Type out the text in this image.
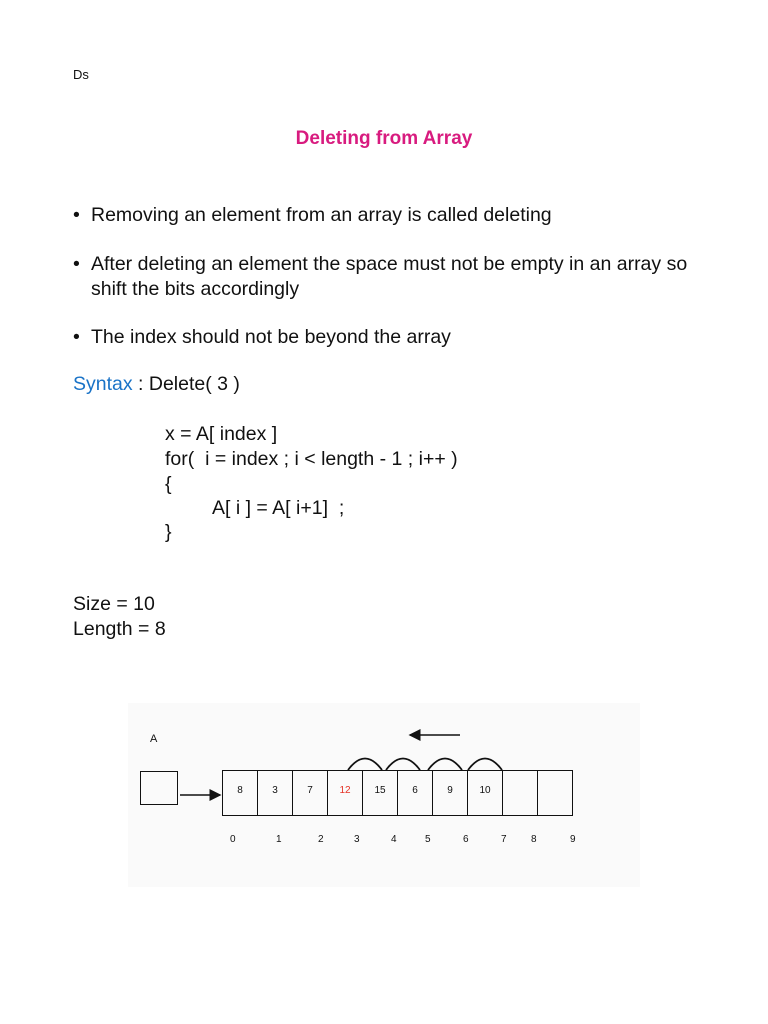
Ds
Deleting from Array
• Removing an element from an array is called deleting
• After deleting an element the space must not be empty in an array so shift the bits accordingly
• The index should not be beyond the array
Syntax : Delete( 3 )
x = A[ index ]
for(  i = index ; i < length - 1 ; i++ )
{
A[ i ] = A[ i+1]  ;
}
Size = 10
Length = 8
A
8	3	7	12	15	6	9	10
0	1	2	3	4	5	6	7 8	9
